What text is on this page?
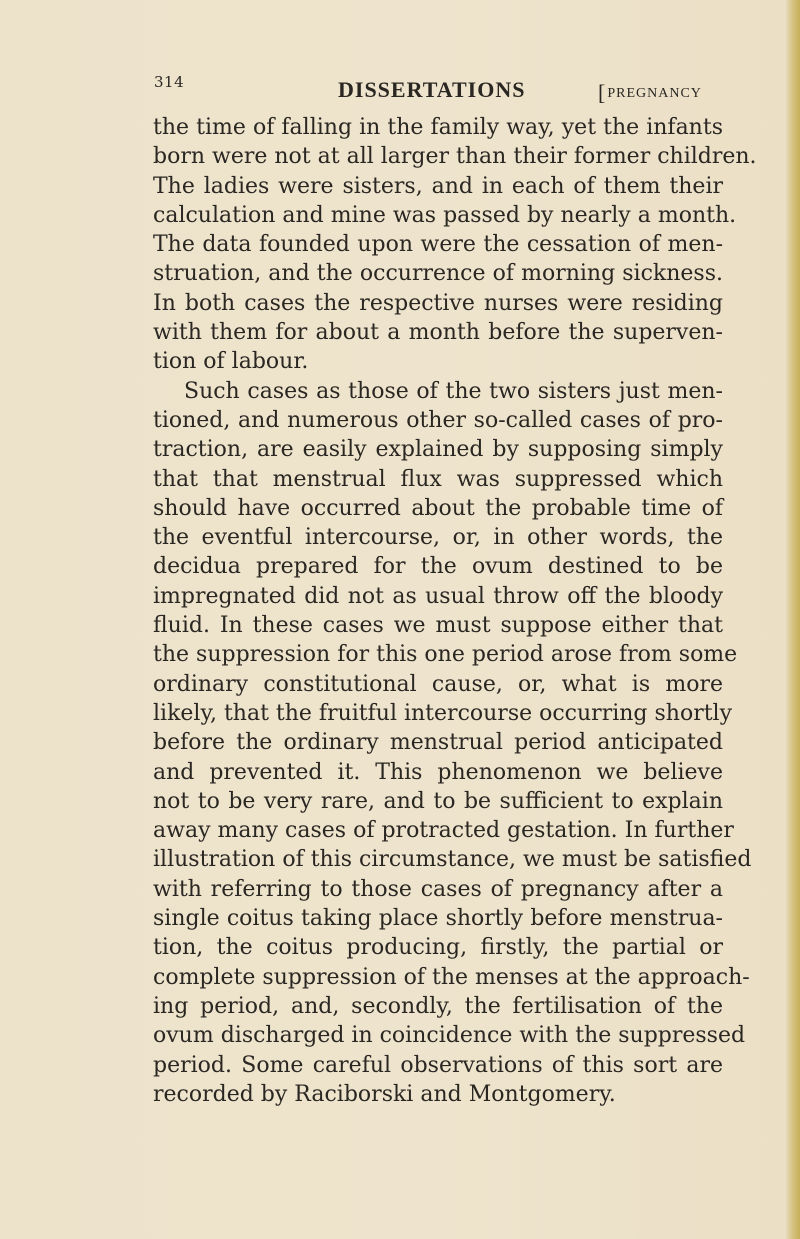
314	DISSERTATIONS
[	PREGNANCY
the time of falling in the family way, yet the infants
born were not at all larger than their former children.
The ladies were sisters, and in each of them their
calculation and mine was passed by nearly a month.
The data founded upon were the cessation of men-
struation, and the occurrence of morning sickness.
In both cases the respective nurses were residing
with them for about a month before the superven-
tion of labour.
Such cases as those of the two sisters just men-
tioned, and numerous other so-called cases of pro-
traction, are easily explained by supposing simply
that that menstrual flux was suppressed which
should have occurred about the probable time of
the eventful intercourse, or, in other words, the
decidua prepared for the ovum destined to be
impregnated did not as usual throw off the bloody
fluid. In these cases we must suppose either that
the suppression for this one period arose from some
ordinary constitutional cause, or, what is more
likely, that the fruitful intercourse occurring shortly
before the ordinary menstrual period anticipated
and prevented it. This phenomenon we believe
not to be very rare, and to be sufficient to explain
away many cases of protracted gestation. In further
illustration of this circumstance, we must be satisfied
with referring to those cases of pregnancy after a
single coitus taking place shortly before menstrua-
tion, the coitus producing, firstly, the partial or
complete suppression of the menses at the approach-
ing period, and, secondly, the fertilisation of the
ovum discharged in coincidence with the suppressed
period. Some careful observations of this sort are
recorded by Raciborski and Montgomery.
